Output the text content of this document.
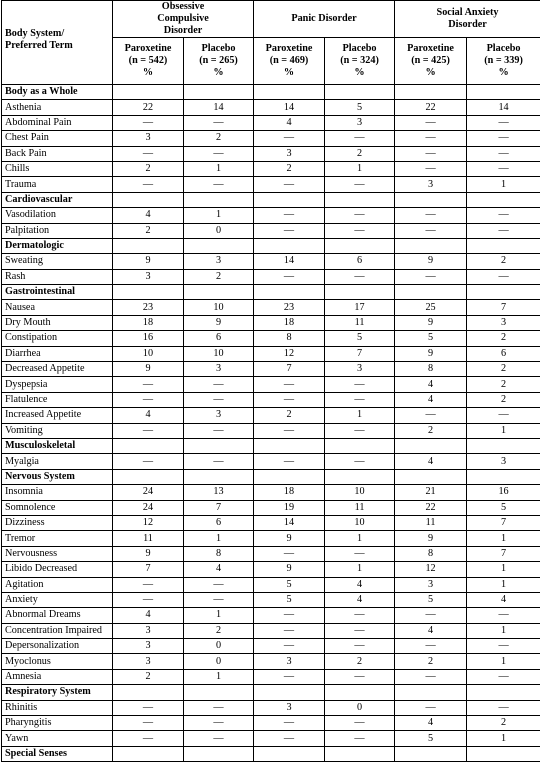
Body System/
Preferred Term	Obsessive
Compulsive
Disorder		Panic Disorder		Social Anxiety
Disorder	

	Paroxetine
(n = 542)
%	Placebo
(n = 265)
%	Paroxetine
(n = 469)
%	Placebo
(n = 324)
%	Paroxetine
(n = 425)
%	Placebo
(n = 339)
%

Body as a Whole						
Asthenia	22	14	14	5	22	14
Abdominal Pain	—	—	4	3	—	—
Chest Pain	3	2	—	—	—	—
Back Pain	—	—	3	2	—	—
Chills	2	1	2	1	—	—
Trauma	—	—	—	—	3	1
Cardiovascular						
Vasodilation	4	1	—	—	—	—
Palpitation	2	0	—	—	—	—
Dermatologic						
Sweating	9	3	14	6	9	2
Rash	3	2	—	—	—	—
Gastrointestinal						
Nausea	23	10	23	17	25	7
Dry Mouth	18	9	18	11	9	3
Constipation	16	6	8	5	5	2
Diarrhea	10	10	12	7	9	6
Decreased Appetite	9	3	7	3	8	2
Dyspepsia	—	—	—	—	4	2
Flatulence	—	—	—	—	4	2
Increased Appetite	4	3	2	1	—	—
Vomiting	—	—	—	—	2	1
Musculoskeletal						
Myalgia	—	—	—	—	4	3
Nervous System						
Insomnia	24	13	18	10	21	16
Somnolence	24	7	19	11	22	5
Dizziness	12	6	14	10	11	7
Tremor	11	1	9	1	9	1
Nervousness	9	8	—	—	8	7
Libido Decreased	7	4	9	1	12	1
Agitation	—	—	5	4	3	1
Anxiety	—	—	5	4	5	4
Abnormal Dreams	4	1	—	—	—	—
Concentration Impaired	3	2	—	—	4	1
Depersonalization	3	0	—	—	—	—
Myoclonus	3	0	3	2	2	1
Amnesia	2	1	—	—	—	—
Respiratory System						
Rhinitis	—	—	3	0	—	—
Pharyngitis	—	—	—	—	4	2
Yawn	—	—	—	—	5	1
Special Senses						
